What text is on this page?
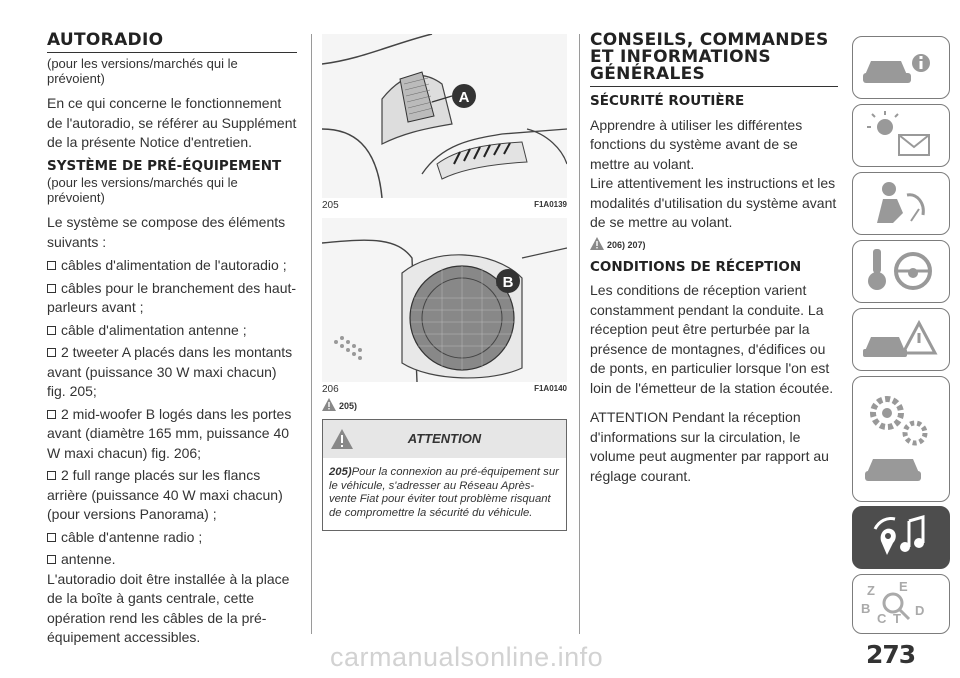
AUTORADIO

(pour les versions/marchés qui le prévoient)

En ce qui concerne le fonctionnement de l'autoradio, se référer au Supplément de la présente Notice d'entretien.

SYSTÈME DE PRÉ-ÉQUIPEMENT

(pour les versions/marchés qui le prévoient)

Le système se compose des éléments suivants :

câbles d'alimentation de l'autoradio ;

câbles pour le branchement des haut-parleurs avant ;

câble d'alimentation antenne ;

2 tweeter A placés dans les montants avant (puissance 30 W maxi chacun) fig. 205;

2 mid-woofer B logés dans les portes avant (diamètre 165 mm, puissance 40 W maxi chacun) fig. 206;

2 full range placés sur les flancs arrière (puissance 40 W maxi chacun) (pour versions Panorama) ;

câble d'antenne radio ;

antenne.

L'autoradio doit être installée à la place de la boîte à gants centrale, cette opération rend les câbles de la pré-équipement accessibles.

A
205	F1A0139
B
206	F1A0140
205)
ATTENTION
205)Pour la connexion au pré-équipement sur le véhicule, s'adresser au Réseau Après-vente Fiat pour éviter tout problème risquant de compromettre la sécurité du véhicule.
CONSEILS, COMMANDES ET INFORMATIONS GÉNÉRALES
SÉCURITÉ ROUTIÈRE

Apprendre à utiliser les différentes fonctions du système avant de se mettre au volant.

Lire attentivement les instructions et les modalités d'utilisation du système avant de se mettre au volant.

206) 207)
CONDITIONS DE RÉCEPTION

Les conditions de réception varient constamment pendant la conduite. La réception peut être perturbée par la présence de montagnes, d'édifices ou de ponts, en particulier lorsque l'on est loin de l'émetteur de la station écoutée.

ATTENTION Pendant la réception d'informations sur la circulation, le volume peut augmenter par rapport au réglage courant.

Z E
B
C T
D
273
carmanualsonline.info
